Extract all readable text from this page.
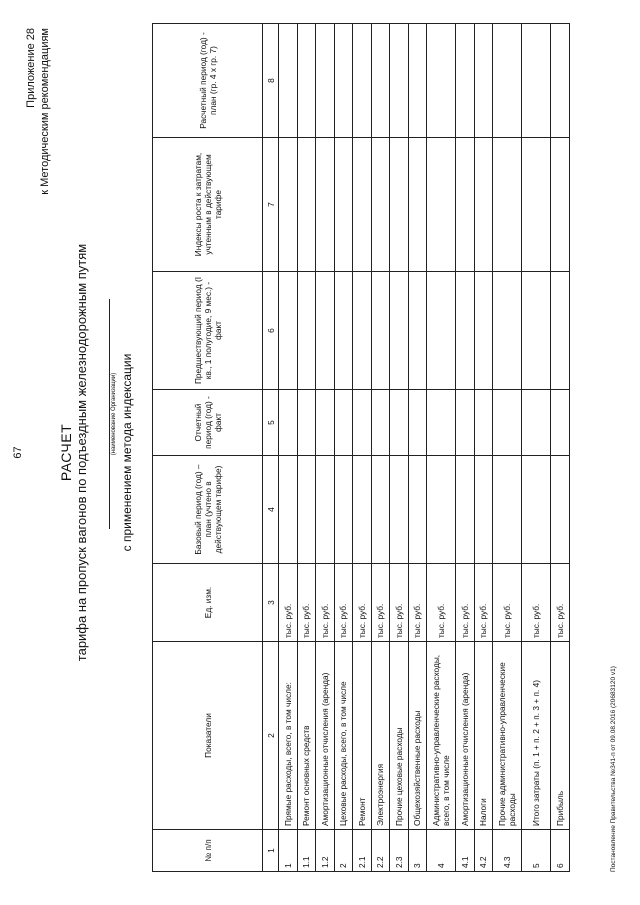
67
Приложение 28 к Методическим рекомендациям
РАСЧЕТ тарифа на пропуск вагонов по подъездным железнодорожным путям	(наименование Организации) с применением метода индексации
№ п/п	Показатели	Ед. изм.	Базовый период (год) – план (учтено в действующем тарифе)	Отчетный период (год) - факт	Предшествующий период (I кв., 1 полугодие, 9 мес.) - факт	Индексы роста к затратам, учтенным в действующем тарифе	Расчетный период (год) - план (гр. 4 х гр. 7)
1	2	3	4	5	6	7	8
1	Прямые расходы, всего, в том числе:	тыс. руб.					
1.1	Ремонт основных средств	тыс. руб.					
1.2	Амортизационные отчисления (аренда)	тыс. руб.					
2	Цеховые расходы, всего, в том числе	тыс. руб.					
2.1	Ремонт	тыс. руб.					
2.2	Электроэнергия	тыс. руб.					
2.3	Прочие цеховые расходы	тыс. руб.					
3	Общехозяйственные расходы	тыс. руб.					
4	Административно-управленческие расходы, всего, в том числе	тыс. руб.					
4.1	Амортизационные отчисления (аренда)	тыс. руб.					
4.2	Налоги	тыс. руб.					
4.3	Прочие административно-управленческие расходы	тыс. руб.					
5	Итого затраты (п. 1 + п. 2 + п. 3 + п. 4)	тыс. руб.					
6	Прибыль	тыс. руб.					
Постановление Правительства №341-п от 09.08.2016 (20683120 v1)
